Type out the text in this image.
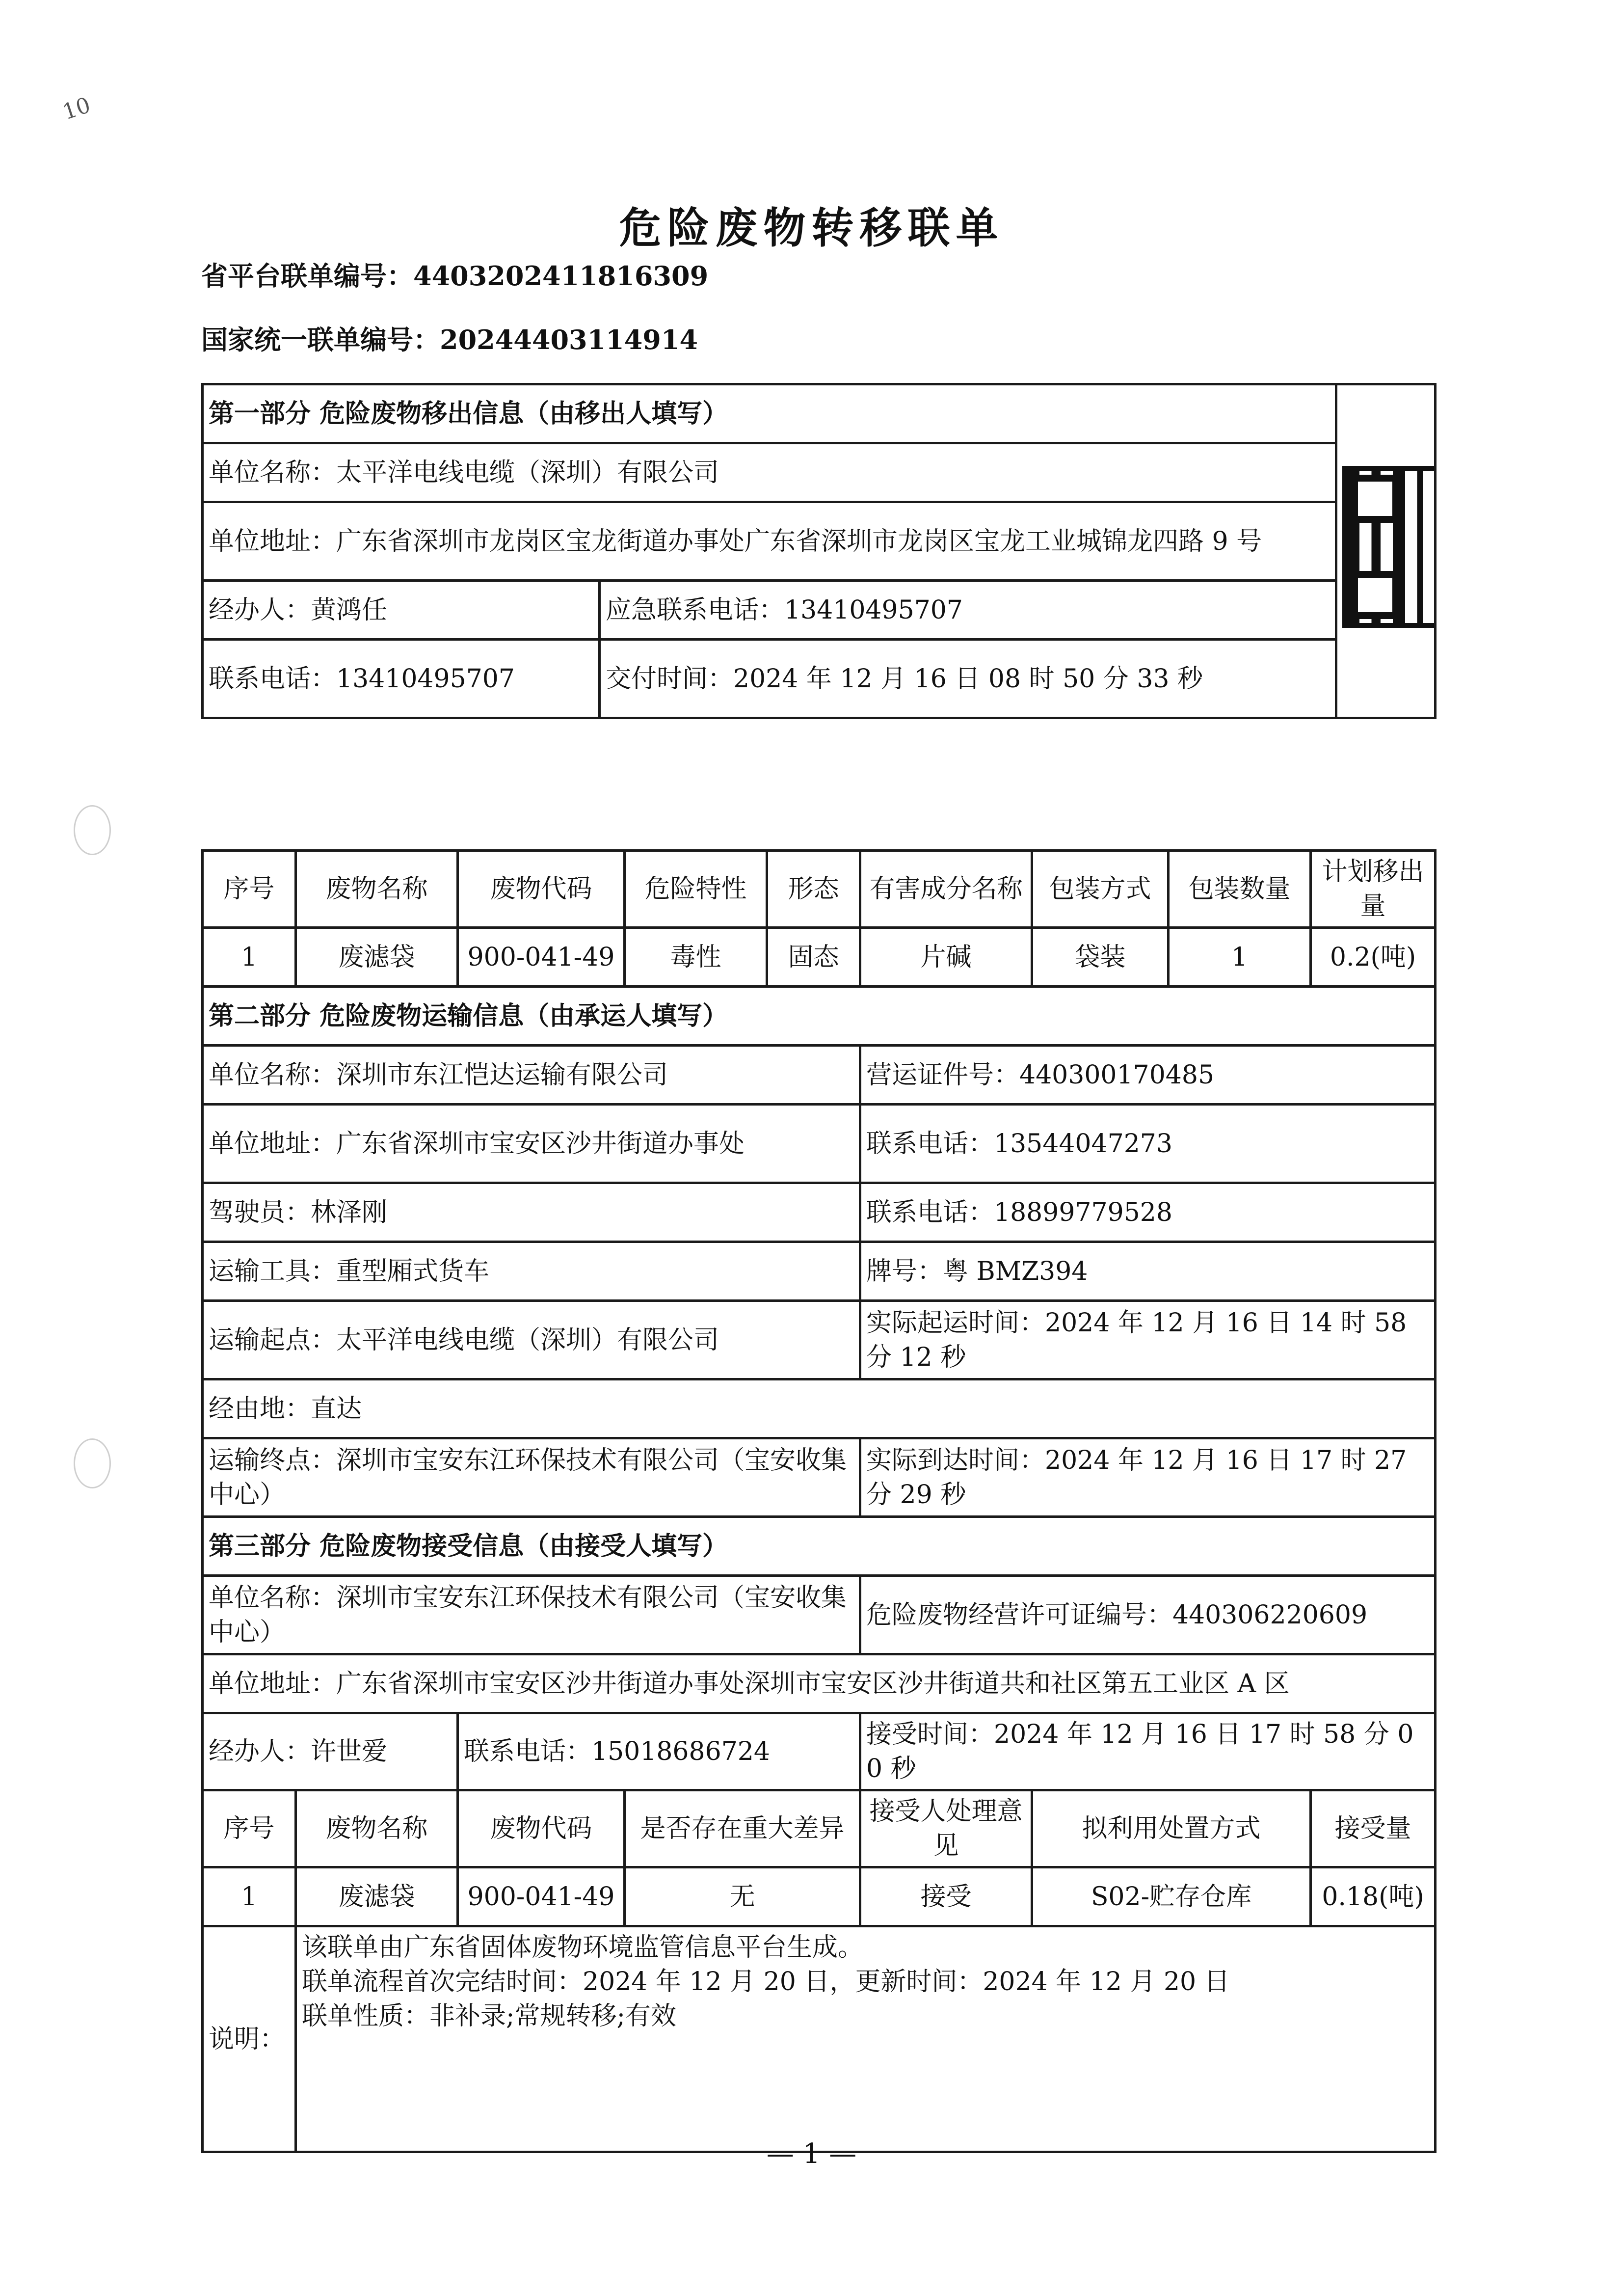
10
危险废物转移联单
省平台联单编号：4403202411816309
国家统一联单编号：20244403114914
第一部分 危险废物移出信息（由移出人填写）		

单位名称：太平洋电线电缆（深圳）有限公司		
单位地址：广东省深圳市龙岗区宝龙街道办事处广东省深圳市龙岗区宝龙工业城锦龙四路 9 号		
经办人：黄鸿任	应急联系电话：13410495707	
联系电话：13410495707	交付时间：2024 年 12 月 16 日 08 时 50 分 33 秒	
序号	废物名称	废物代码	危险特性	形态	有害成分名称	包装方式	包装数量	计划移出量
1	废滤袋	900-041-49	毒性	固态	片碱	袋装	1	0.2(吨)
第二部分 危险废物运输信息（由承运人填写）								
单位名称：深圳市东江恺达运输有限公司					营运证件号：440300170485			
单位地址：广东省深圳市宝安区沙井街道办事处					联系电话：13544047273			
驾驶员：林泽刚					联系电话：18899779528			
运输工具：重型厢式货车					牌号：粤 BMZ394			
运输起点：太平洋电线电缆（深圳）有限公司					实际起运时间：2024 年 12 月 16 日 14 时 58 分 12 秒			
经由地：直达								
运输终点：深圳市宝安东江环保技术有限公司（宝安收集中心）					实际到达时间：2024 年 12 月 16 日 17 时 27 分 29 秒			
第三部分 危险废物接受信息（由接受人填写）								
单位名称：深圳市宝安东江环保技术有限公司（宝安收集中心）					危险废物经营许可证编号：440306220609			
单位地址：广东省深圳市宝安区沙井街道办事处深圳市宝安区沙井街道共和社区第五工业区 A 区								
经办人：许世爱		联系电话：15018686724			接受时间：2024 年 12 月 16 日 17 时 58 分 00 秒			
序号	废物名称	废物代码	是否存在重大差异		接受人处理意见	拟利用处置方式		接受量
1	废滤袋	900-041-49	无		接受	S02-贮存仓库		0.18(吨)
说明：	该联单由广东省固体废物环境监管信息平台生成。
联单流程首次完结时间：2024 年 12 月 20 日，更新时间：2024 年 12 月 20 日
联单性质：非补录;常规转移;有效							
— 1 —
